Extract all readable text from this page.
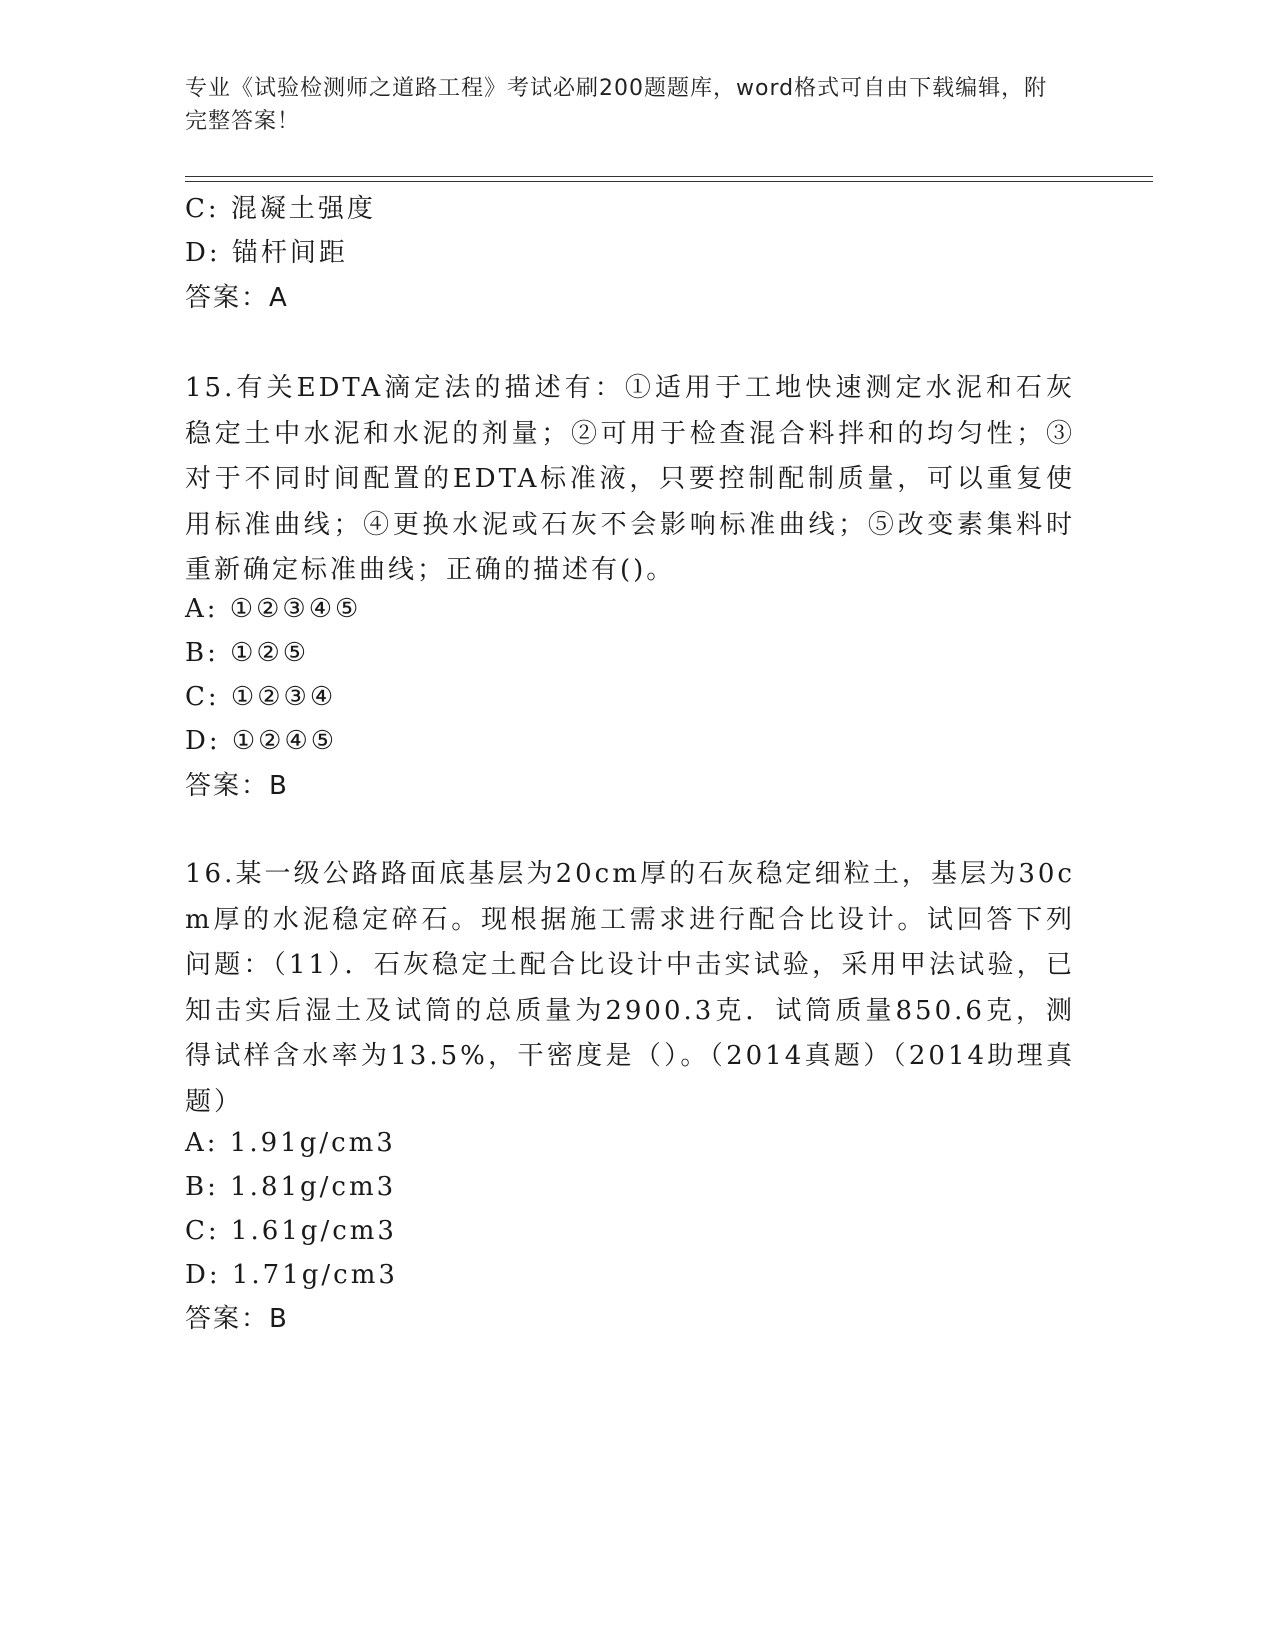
专业《试验检测师之道路工程》考试必刷200题题库，word格式可自由下载编辑，附完整答案！
C: 混凝土强度
D: 锚杆间距
答案：A
15.有关EDTA滴定法的描述有：①适用于工地快速测定水泥和石灰稳定土中水泥和水泥的剂量；②可用于检查混合料拌和的均匀性；③对于不同时间配置的EDTA标准液，只要控制配制质量，可以重复使用标准曲线；④更换水泥或石灰不会影响标准曲线；⑤改变素集料时重新确定标准曲线；正确的描述有()。
A: ①②③④⑤
B: ①②⑤
C: ①②③④
D: ①②④⑤
答案：B
16.某一级公路路面底基层为20cm厚的石灰稳定细粒土，基层为30cm厚的水泥稳定碎石。现根据施工需求进行配合比设计。试回答下列问题：（11）．石灰稳定土配合比设计中击实试验，采用甲法试验，已知击实后湿土及试筒的总质量为2900.3克．试筒质量850.6克，测得试样含水率为13.5%，干密度是（）。（2014真题）（2014助理真题）
A: 1.91g/cm3
B: 1.81g/cm3
C: 1.61g/cm3
D: 1.71g/cm3
答案：B
